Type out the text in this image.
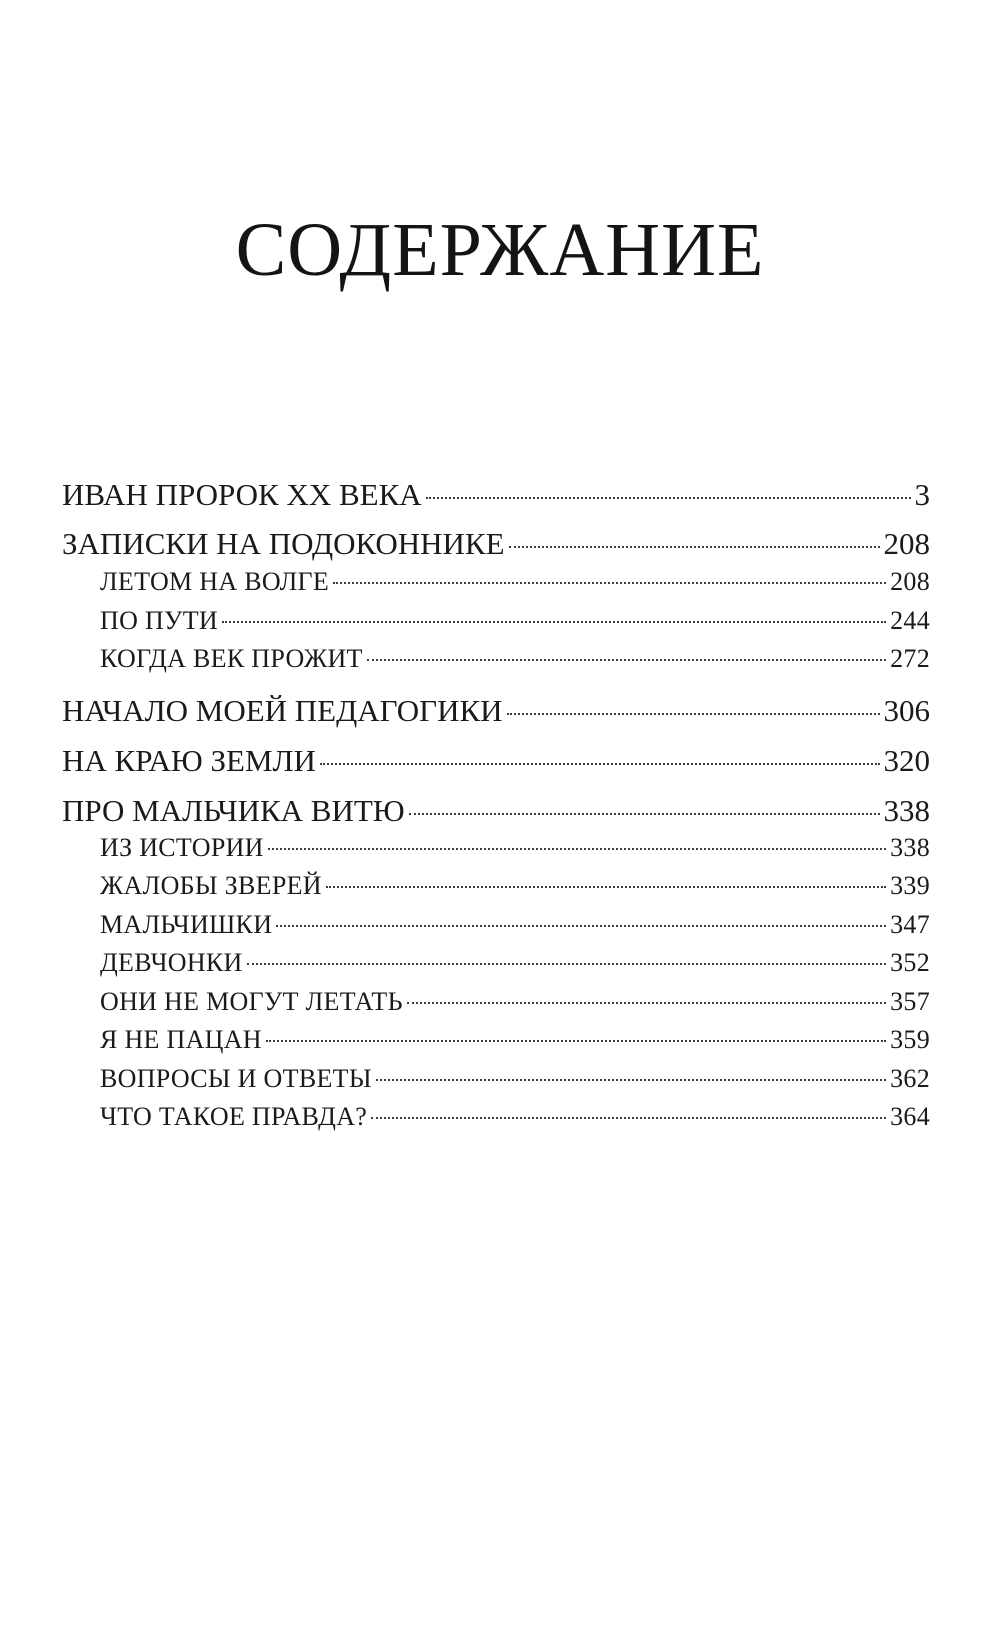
СОДЕРЖАНИЕ
ИВАН ПРОРОК XX ВЕКА	3
ЗАПИСКИ НА ПОДОКОННИКЕ	208
ЛЕТОМ НА ВОЛГЕ	208
ПО ПУТИ	244
КОГДА ВЕК ПРОЖИТ	272
НАЧАЛО МОЕЙ ПЕДАГОГИКИ	306
НА КРАЮ ЗЕМЛИ	320
ПРО МАЛЬЧИКА ВИТЮ	338
ИЗ ИСТОРИИ	338
ЖАЛОБЫ ЗВЕРЕЙ	339
МАЛЬЧИШКИ	347
ДЕВЧОНКИ	352
ОНИ НЕ МОГУТ ЛЕТАТЬ	357
Я НЕ ПАЦАН	359
ВОПРОСЫ И ОТВЕТЫ	362
ЧТО ТАКОЕ ПРАВДА?	364
